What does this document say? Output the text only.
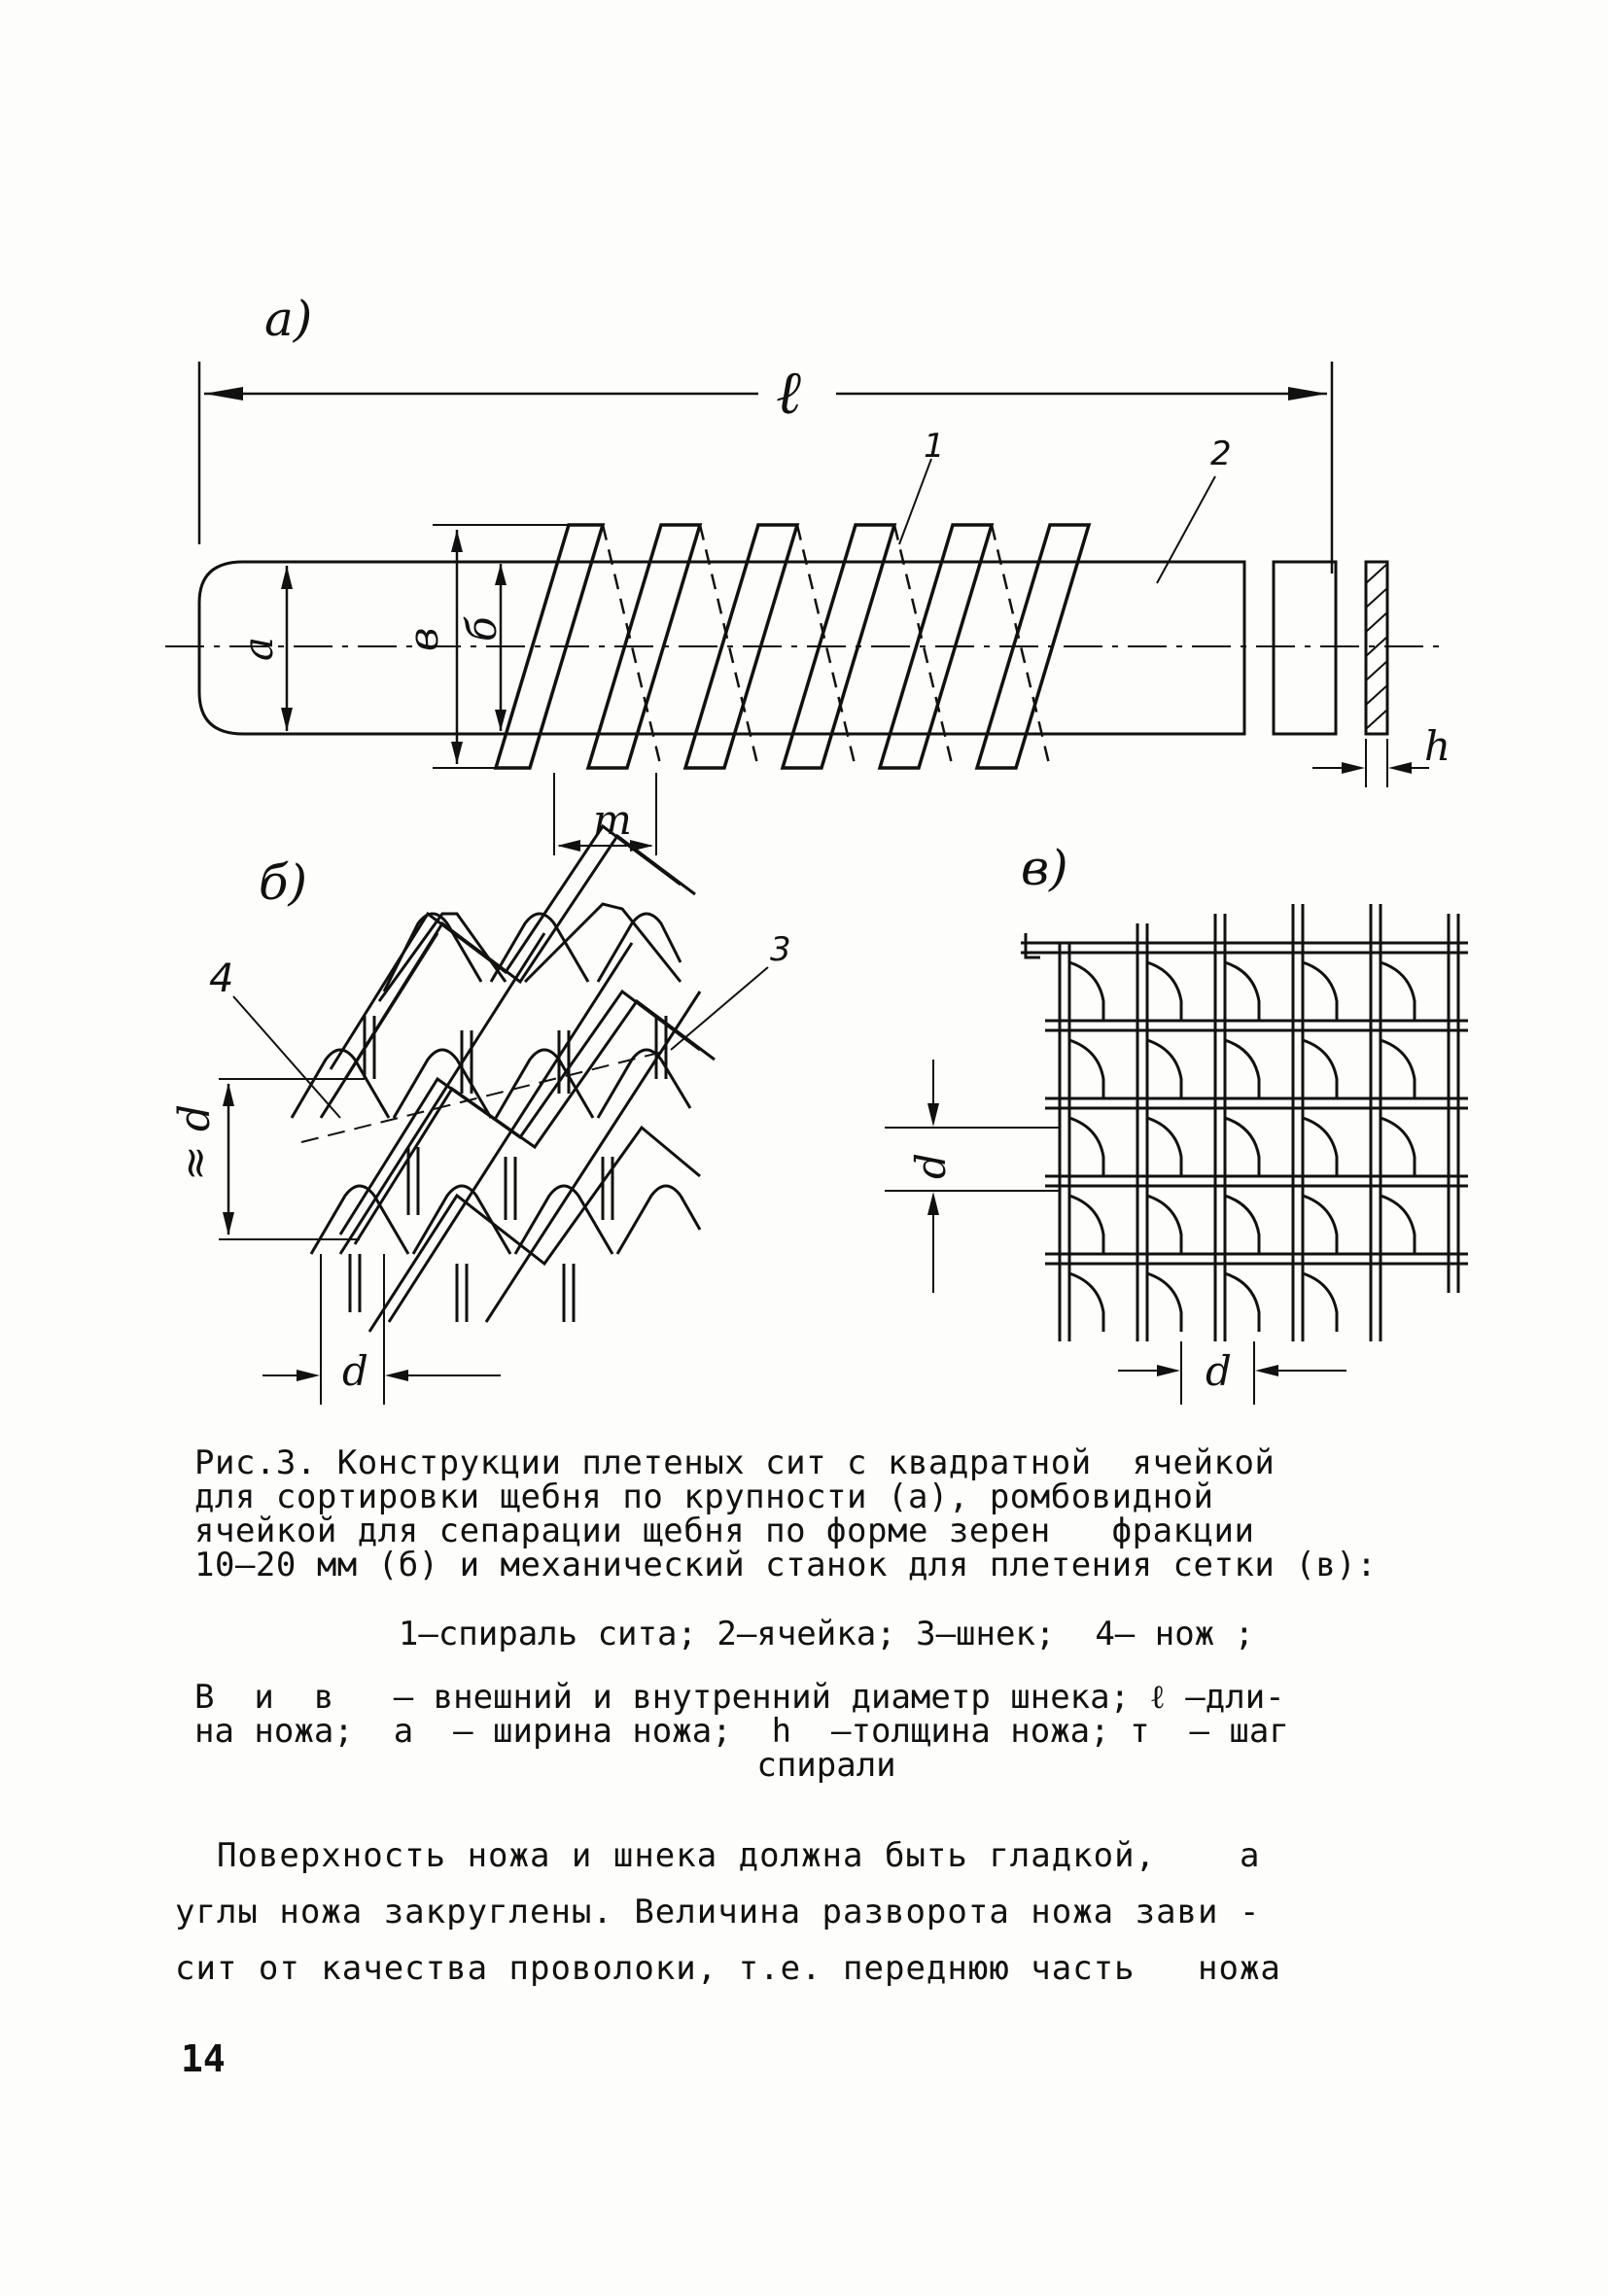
а)
б)	в)
ℓ
а	в б
т
h
d
≈ d	d
d
1	2
3
4
Рис.3. Конструкции плетеных сит с квадратной  ячейкой
для сортировки щебня по крупности (а), ромбовидной
ячейкой для сепарации щебня по форме зерен   фракции
10–20 мм (б) и механический станок для плетения сетки (в):
1–спираль сита; 2–ячейка; 3–шнек;  4– нож ;
В  и  в   – внешний и внутренний диаметр шнека; ℓ –дли-
на ножа;  а  – ширина ножа;  h  –толщина ножа; т  – шаг
спирали
Поверхность ножа и шнека должна быть гладкой,    а
углы ножа закруглены. Величина разворота ножа зави -
сит от качества проволоки, т.е. переднюю часть   ножа
14
